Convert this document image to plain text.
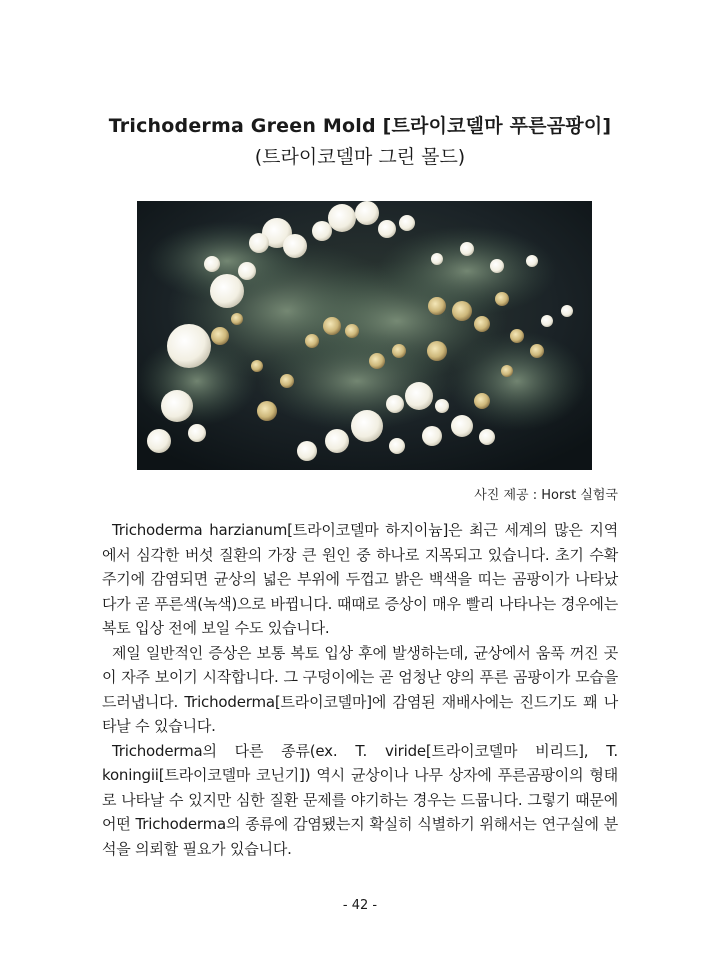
Trichoderma Green Mold [트라이코델마 푸른곰팡이]
(트라이코델마 그린 몰드)
사진 제공 : Horst 실험국

Trichoderma harzianum[트라이코델마 하지이늄]은 최근 세계의 많은 지역에서 심각한 버섯 질환의 가장 큰 원인 중 하나로 지목되고 있습니다. 초기 수확 주기에 감염되면 균상의 넓은 부위에 두껍고 밝은 백색을 띠는 곰팡이가 나타났다가 곧 푸른색(녹색)으로 바뀝니다. 때때로 증상이 매우 빨리 나타나는 경우에는 복토 입상 전에 보일 수도 있습니다.

제일 일반적인 증상은 보통 복토 입상 후에 발생하는데, 균상에서 움푹 꺼진 곳이 자주 보이기 시작합니다. 그 구덩이에는 곧 엄청난 양의 푸른 곰팡이가 모습을 드러냅니다. Trichoderma[트라이코델마]에 감염된 재배사에는 진드기도 꽤 나타날 수 있습니다.

Trichoderma의 다른 종류(ex. T. viride[트라이코델마 비리드], T. koningii[트라이코델마 코닌기]) 역시 균상이나 나무 상자에 푸른곰팡이의 형태로 나타날 수 있지만 심한 질환 문제를 야기하는 경우는 드뭅니다. 그렇기 때문에 어떤 Trichoderma의 종류에 감염됐는지 확실히 식별하기 위해서는 연구실에 분석을 의뢰할 필요가 있습니다.

- 42 -
